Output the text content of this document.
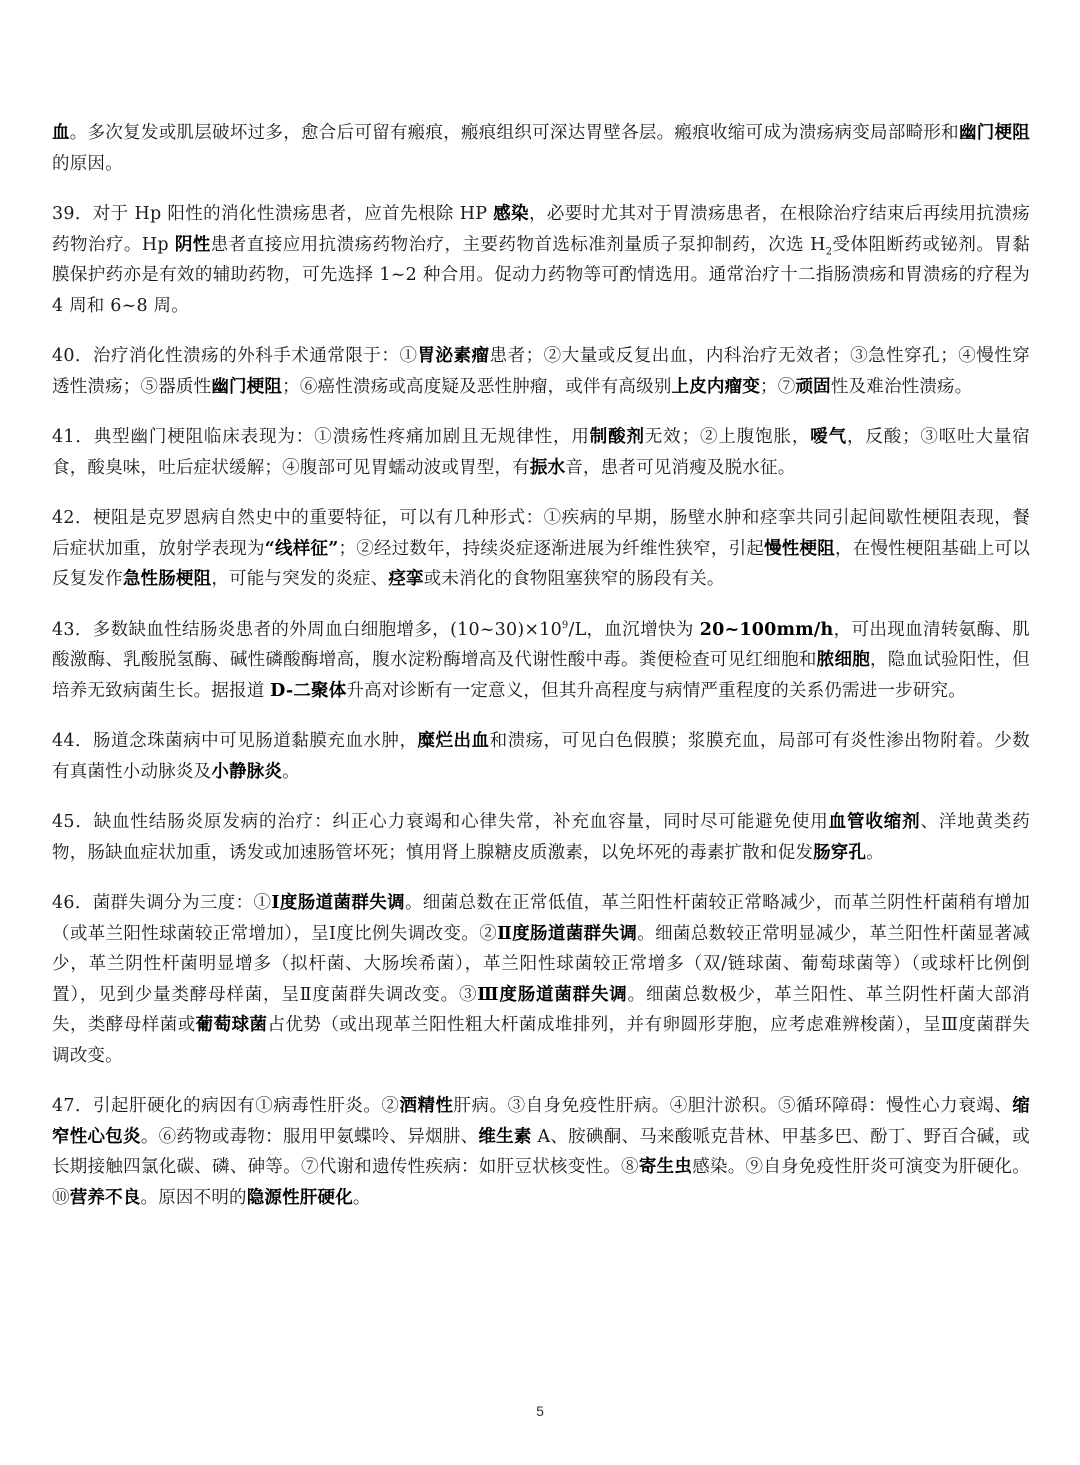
血。多次复发或肌层破坏过多，愈合后可留有瘢痕，瘢痕组织可深达胃壁各层。瘢痕收缩可成为溃疡病变局部畸形和幽门梗阻的原因。

39．对于 Hp 阳性的消化性溃疡患者，应首先根除 HP 感染，必要时尤其对于胃溃疡患者，在根除治疗结束后再续用抗溃疡药物治疗。Hp 阴性患者直接应用抗溃疡药物治疗，主要药物首选标准剂量质子泵抑制药，次选 $H_2$受体阻断药或铋剂。胃黏膜保护药亦是有效的辅助药物，可先选择 1~2 种合用。促动力药物等可酌情选用。通常治疗十二指肠溃疡和胃溃疡的疗程为 4 周和 6~8 周。

40．治疗消化性溃疡的外科手术通常限于：①胃泌素瘤患者；②大量或反复出血，内科治疗无效者；③急性穿孔；④慢性穿透性溃疡；⑤器质性幽门梗阻；⑥癌性溃疡或高度疑及恶性肿瘤，或伴有高级别上皮内瘤变；⑦顽固性及难治性溃疡。

41．典型幽门梗阻临床表现为：①溃疡性疼痛加剧且无规律性，用制酸剂无效；②上腹饱胀，嗳气，反酸；③呕吐大量宿食，酸臭味，吐后症状缓解；④腹部可见胃蠕动波或胃型，有振水音，患者可见消瘦及脱水征。

42．梗阻是克罗恩病自然史中的重要特征，可以有几种形式：①疾病的早期，肠壁水肿和痉挛共同引起间歇性梗阻表现，餐后症状加重，放射学表现为“线样征”；②经过数年，持续炎症逐渐进展为纤维性狭窄，引起慢性梗阻，在慢性梗阻基础上可以反复发作急性肠梗阻，可能与突发的炎症、痉挛或未消化的食物阻塞狭窄的肠段有关。

43．多数缺血性结肠炎患者的外周血白细胞增多，$(10\sim 30)\times 10^9/L$，血沉增快为 20~100mm/h，可出现血清转氨酶、肌酸激酶、乳酸脱氢酶、碱性磷酸酶增高，腹水淀粉酶增高及代谢性酸中毒。粪便检查可见红细胞和脓细胞，隐血试验阳性，但培养无致病菌生长。据报道 D-二聚体升高对诊断有一定意义，但其升高程度与病情严重程度的关系仍需进一步研究。

44．肠道念珠菌病中可见肠道黏膜充血水肿，糜烂出血和溃疡，可见白色假膜；浆膜充血，局部可有炎性渗出物附着。少数有真菌性小动脉炎及小静脉炎。

45．缺血性结肠炎原发病的治疗：纠正心力衰竭和心律失常，补充血容量，同时尽可能避免使用血管收缩剂、洋地黄类药物，肠缺血症状加重，诱发或加速肠管坏死；慎用肾上腺糖皮质激素，以免坏死的毒素扩散和促发肠穿孔。

46．菌群失调分为三度：①Ⅰ度肠道菌群失调。细菌总数在正常低值，革兰阳性杆菌较正常略减少，而革兰阴性杆菌稍有增加（或革兰阳性球菌较正常增加），呈Ⅰ度比例失调改变。②Ⅱ度肠道菌群失调。细菌总数较正常明显减少，革兰阳性杆菌显著减少，革兰阴性杆菌明显增多（拟杆菌、大肠埃希菌），革兰阳性球菌较正常增多（双/链球菌、葡萄球菌等）（或球杆比例倒置），见到少量类酵母样菌，呈Ⅱ度菌群失调改变。③Ⅲ度肠道菌群失调。细菌总数极少，革兰阳性、革兰阴性杆菌大部消失，类酵母样菌或葡萄球菌占优势（或出现革兰阳性粗大杆菌成堆排列，并有卵圆形芽胞，应考虑难辨梭菌），呈Ⅲ度菌群失调改变。

47．引起肝硬化的病因有①病毒性肝炎。②酒精性肝病。③自身免疫性肝病。④胆汁淤积。⑤循环障碍：慢性心力衰竭、缩窄性心包炎。⑥药物或毒物：服用甲氨蝶呤、异烟肼、维生素 A、胺碘酮、马来酸哌克昔林、甲基多巴、酚丁、野百合碱，或长期接触四氯化碳、磷、砷等。⑦代谢和遗传性疾病：如肝豆状核变性。⑧寄生虫感染。⑨自身免疫性肝炎可演变为肝硬化。⑩营养不良。原因不明的隐源性肝硬化。

5
